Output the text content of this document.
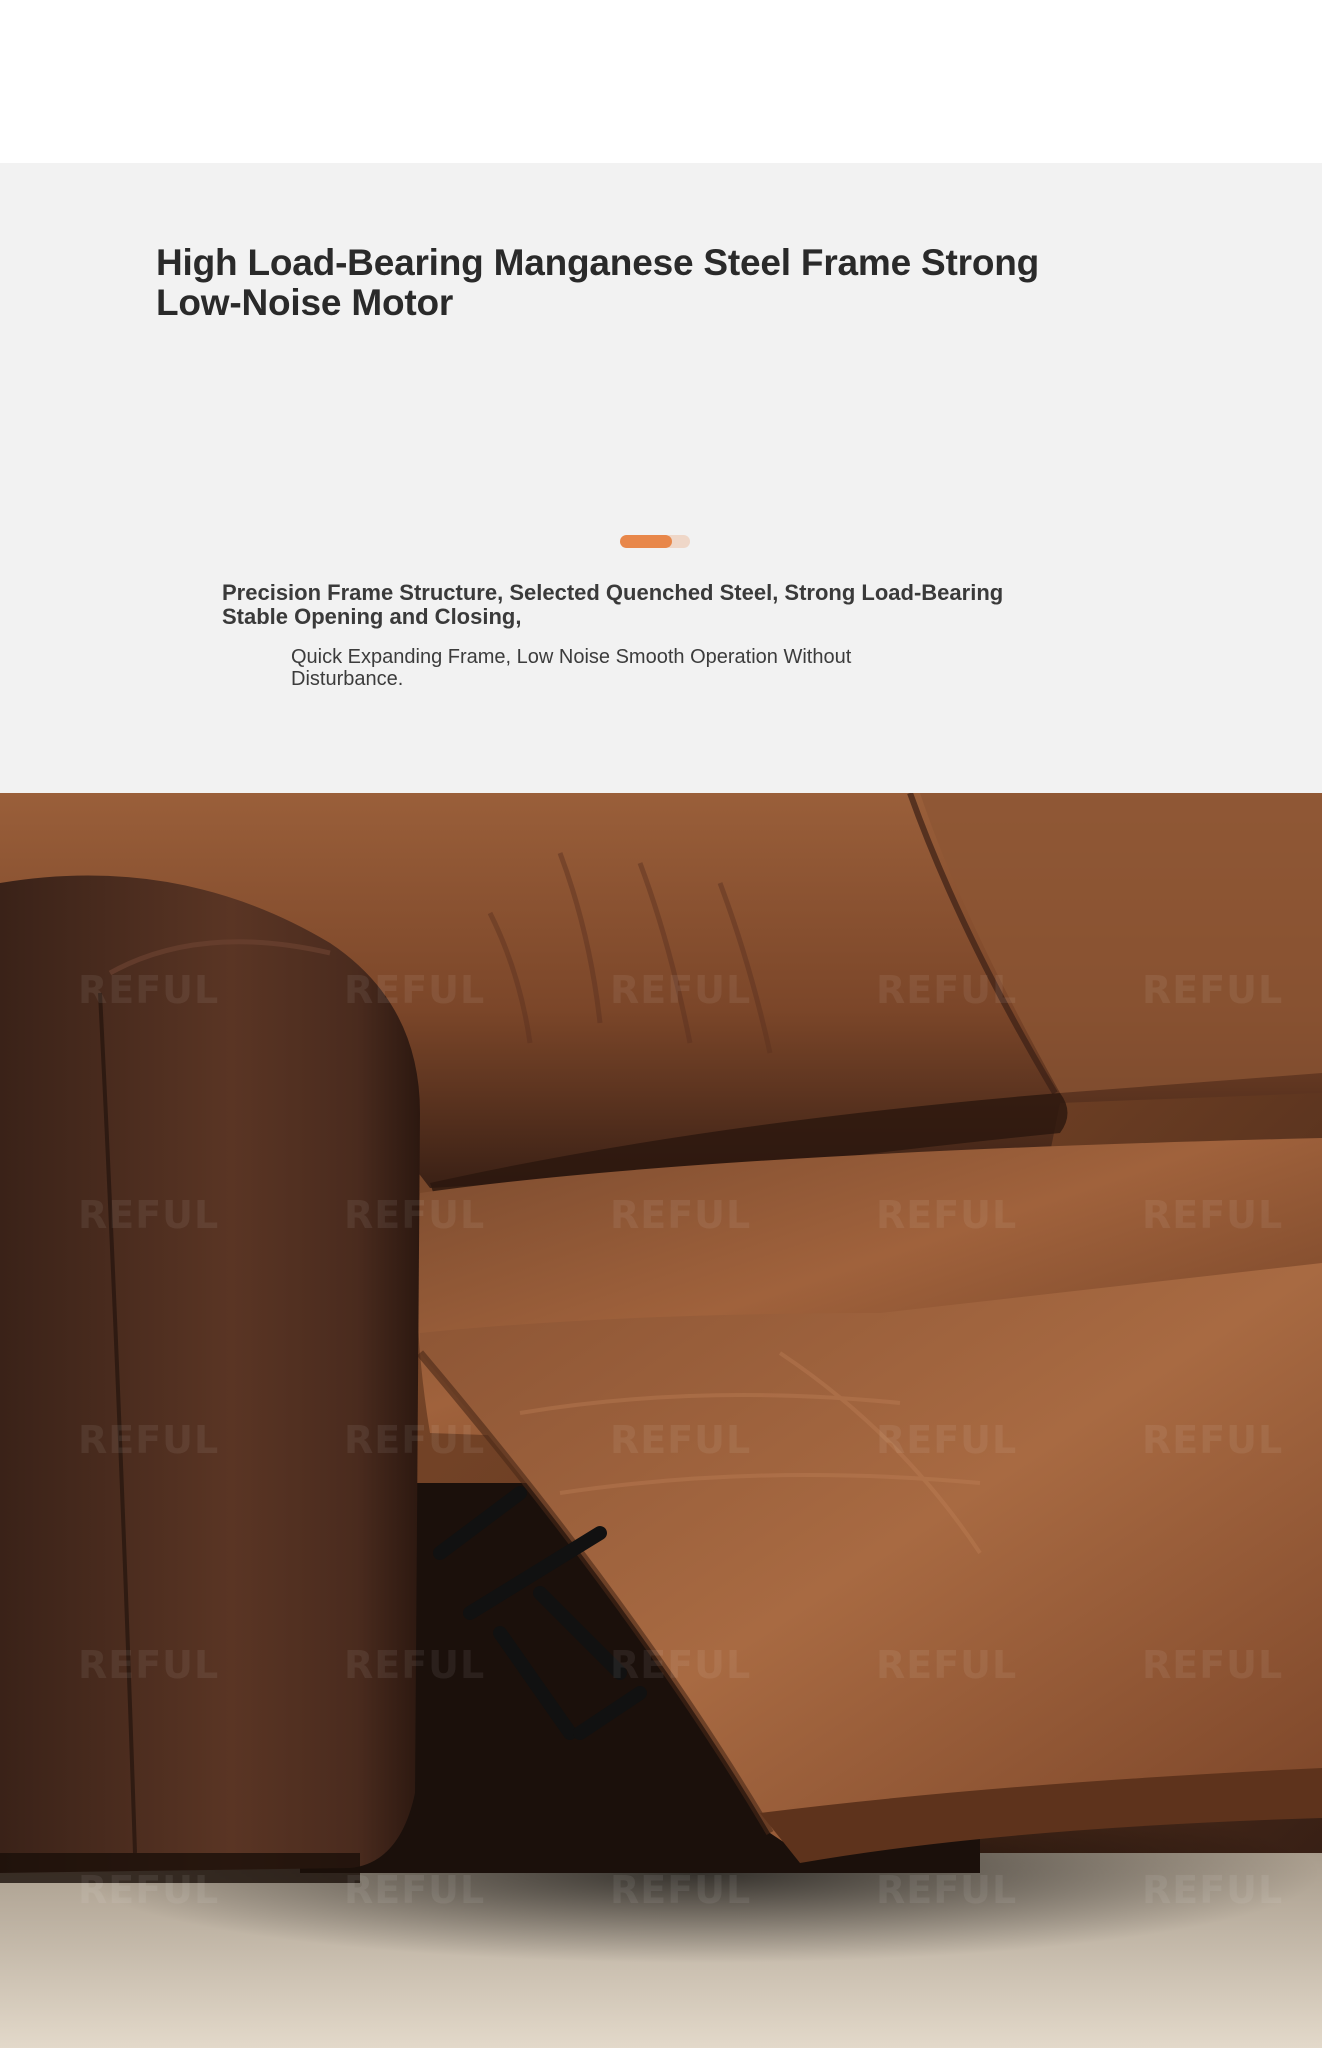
High Load-Bearing Manganese Steel Frame Strong Low-Noise Motor
Precision Frame Structure, Selected Quenched Steel, Strong Load-Bearing Stable Opening and Closing,

Quick Expanding Frame, Low Noise Smooth Operation Without Disturbance.

REFUL	REFUL	REFUL	REFUL	REFUL
REFUL	REFUL	REFUL	REFUL	REFUL
REFUL	REFUL	REFUL	REFUL	REFUL
REFUL	REFUL	REFUL	REFUL	REFUL
REFUL	REFUL	REFUL	REFUL	REFUL
